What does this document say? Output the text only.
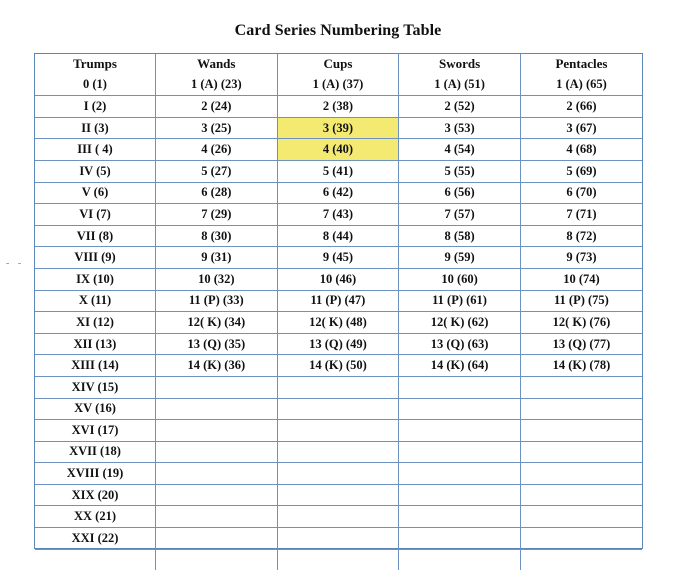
Card Series Numbering Table
- -
Trumps	Wands	Cups	Swords	Pentacles
0 (1)	1 (A) (23)	1 (A) (37)	1 (A) (51)	1 (A) (65)
I (2)	2 (24)	2 (38)	2 (52)	2 (66)
II (3)	3 (25)	3 (39)	3 (53)	3 (67)
III ( 4)	4 (26)	4 (40)	4 (54)	4 (68)
IV (5)	5 (27)	5 (41)	5 (55)	5 (69)
V (6)	6 (28)	6 (42)	6 (56)	6 (70)
VI (7)	7 (29)	7 (43)	7 (57)	7 (71)
VII (8)	8 (30)	8 (44)	8 (58)	8 (72)
VIII (9)	9 (31)	9 (45)	9 (59)	9 (73)
IX (10)	10 (32)	10 (46)	10 (60)	10 (74)
X (11)	11 (P) (33)	11 (P) (47)	11 (P) (61)	11 (P) (75)
XI (12)	12( K) (34)	12( K) (48)	12( K) (62)	12( K) (76)
XII (13)	13 (Q) (35)	13 (Q) (49)	13 (Q) (63)	13 (Q) (77)
XIII (14)	14 (K) (36)	14 (K) (50)	14 (K) (64)	14 (K) (78)
XIV (15)				
XV (16)				
XVI (17)				
XVII (18)				
XVIII (19)				
XIX (20)				
XX (21)				
XXI (22)				
